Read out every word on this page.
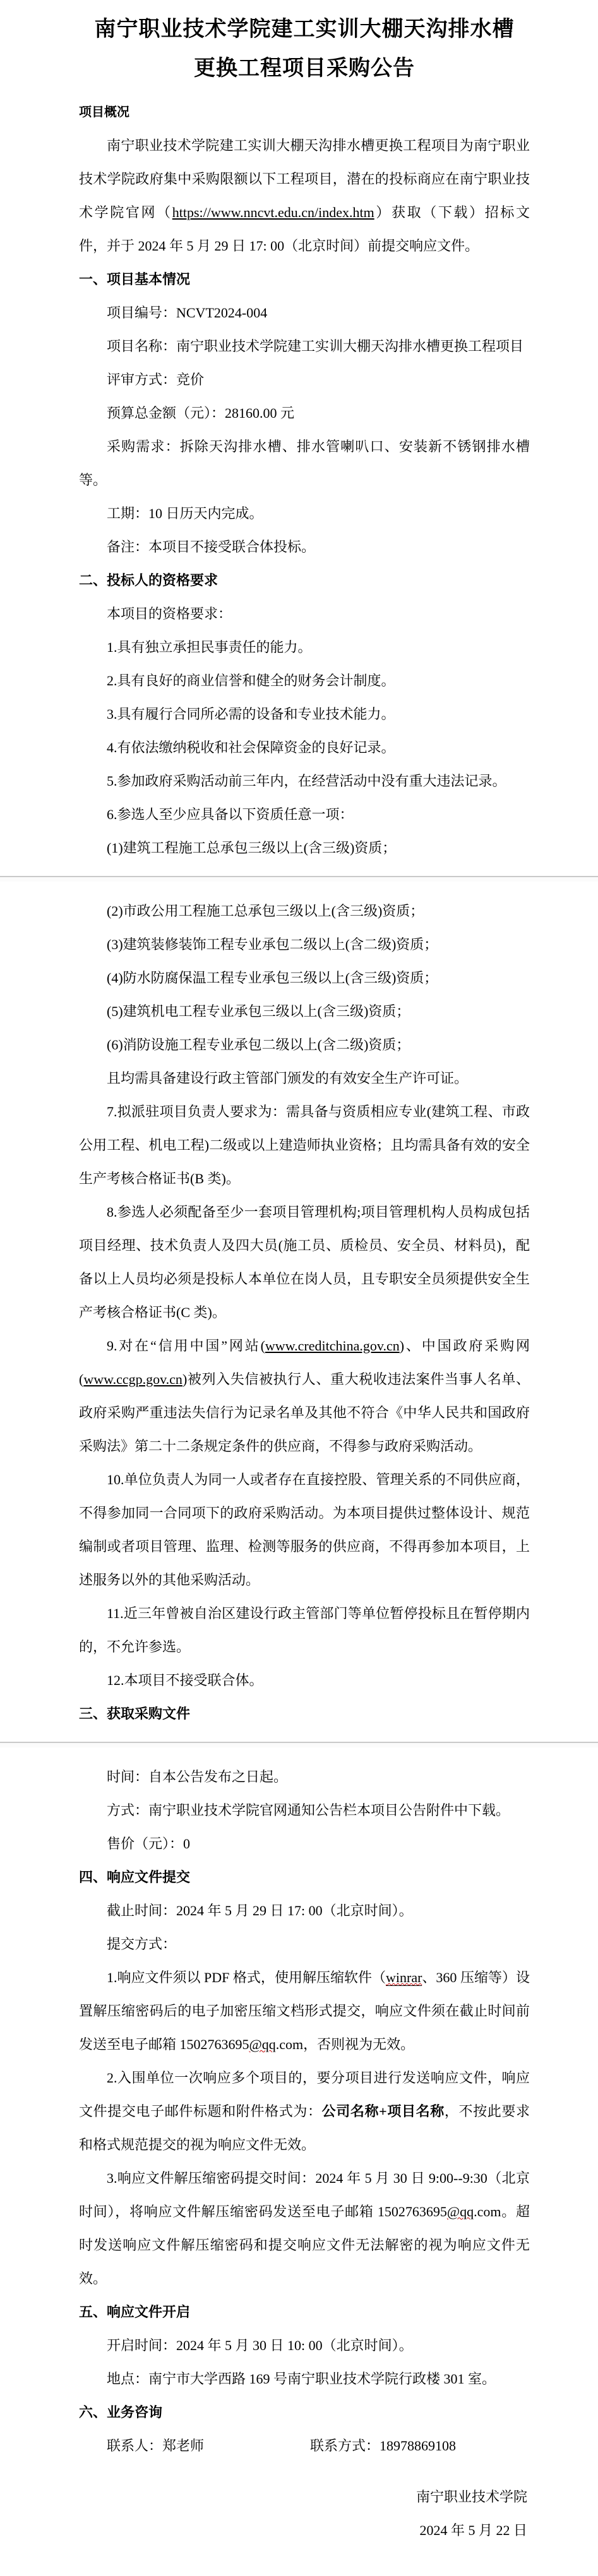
南宁职业技术学院建工实训大棚天沟排水槽
更换工程项目采购公告
项目概况

南宁职业技术学院建工实训大棚天沟排水槽更换工程项目为南宁职业技术学院政府集中采购限额以下工程项目，潜在的投标商应在南宁职业技术学院官网（https://www.nncvt.edu.cn/index.htm）获取（下载）招标文件，并于 2024 年 5 月 29 日 17: 00（北京时间）前提交响应文件。

一、项目基本情况

项目编号：NCVT2024-004

项目名称：南宁职业技术学院建工实训大棚天沟排水槽更换工程项目

评审方式：竞价

预算总金额（元）：28160.00 元

采购需求：拆除天沟排水槽、排水管喇叭口、安装新不锈钢排水槽等。

工期：10 日历天内完成。

备注：本项目不接受联合体投标。

二、投标人的资格要求

本项目的资格要求：

1.具有独立承担民事责任的能力。

2.具有良好的商业信誉和健全的财务会计制度。

3.具有履行合同所必需的设备和专业技术能力。

4.有依法缴纳税收和社会保障资金的良好记录。

5.参加政府采购活动前三年内，在经营活动中没有重大违法记录。

6.参选人至少应具备以下资质任意一项：

(1)建筑工程施工总承包三级以上(含三级)资质；

(2)市政公用工程施工总承包三级以上(含三级)资质；

(3)建筑装修装饰工程专业承包二级以上(含二级)资质；

(4)防水防腐保温工程专业承包三级以上(含三级)资质；

(5)建筑机电工程专业承包三级以上(含三级)资质；

(6)消防设施工程专业承包二级以上(含二级)资质；

且均需具备建设行政主管部门颁发的有效安全生产许可证。

7.拟派驻项目负责人要求为：需具备与资质相应专业(建筑工程、市政公用工程、机电工程)二级或以上建造师执业资格；且均需具备有效的安全生产考核合格证书(B 类)。

8.参选人必须配备至少一套项目管理机构;项目管理机构人员构成包括项目经理、技术负责人及四大员(施工员、质检员、安全员、材料员)，配备以上人员均必须是投标人本单位在岗人员，且专职安全员须提供安全生产考核合格证书(C 类)。

9.对在“信用中国”网站(www.creditchina.gov.cn)、中国政府采购网(www.ccgp.gov.cn)被列入失信被执行人、重大税收违法案件当事人名单、政府采购严重违法失信行为记录名单及其他不符合《中华人民共和国政府采购法》第二十二条规定条件的供应商，不得参与政府采购活动。

10.单位负责人为同一人或者存在直接控股、管理关系的不同供应商，不得参加同一合同项下的政府采购活动。为本项目提供过整体设计、规范编制或者项目管理、监理、检测等服务的供应商，不得再参加本项目，上述服务以外的其他采购活动。

11.近三年曾被自治区建设行政主管部门等单位暂停投标且在暂停期内的，不允许参选。

12.本项目不接受联合体。

三、获取采购文件

时间：自本公告发布之日起。

方式：南宁职业技术学院官网通知公告栏本项目公告附件中下载。

售价（元）：0

四、响应文件提交

截止时间：2024 年 5 月 29 日 17: 00（北京时间）。

提交方式：

1.响应文件须以 PDF 格式，使用解压缩软件（winrar、360 压缩等）设置解压缩密码后的电子加密压缩文档形式提交，响应文件须在截止时间前发送至电子邮箱 1502763695@qq.com，否则视为无效。

2.入围单位一次响应多个项目的，要分项目进行发送响应文件，响应文件提交电子邮件标题和附件格式为：公司名称+项目名称，不按此要求和格式规范提交的视为响应文件无效。

3.响应文件解压缩密码提交时间：2024 年 5 月 30 日 9:00--9:30（北京时间），将响应文件解压缩密码发送至电子邮箱 1502763695@qq.com。超时发送响应文件解压缩密码和提交响应文件无法解密的视为响应文件无效。

五、响应文件开启

开启时间：2024 年 5 月 30 日 10: 00（北京时间）。

地点：南宁市大学西路 169 号南宁职业技术学院行政楼 301 室。

六、业务咨询

联系人：郑老师	联系方式：18978869108

南宁职业技术学院

2024 年 5 月 22 日
